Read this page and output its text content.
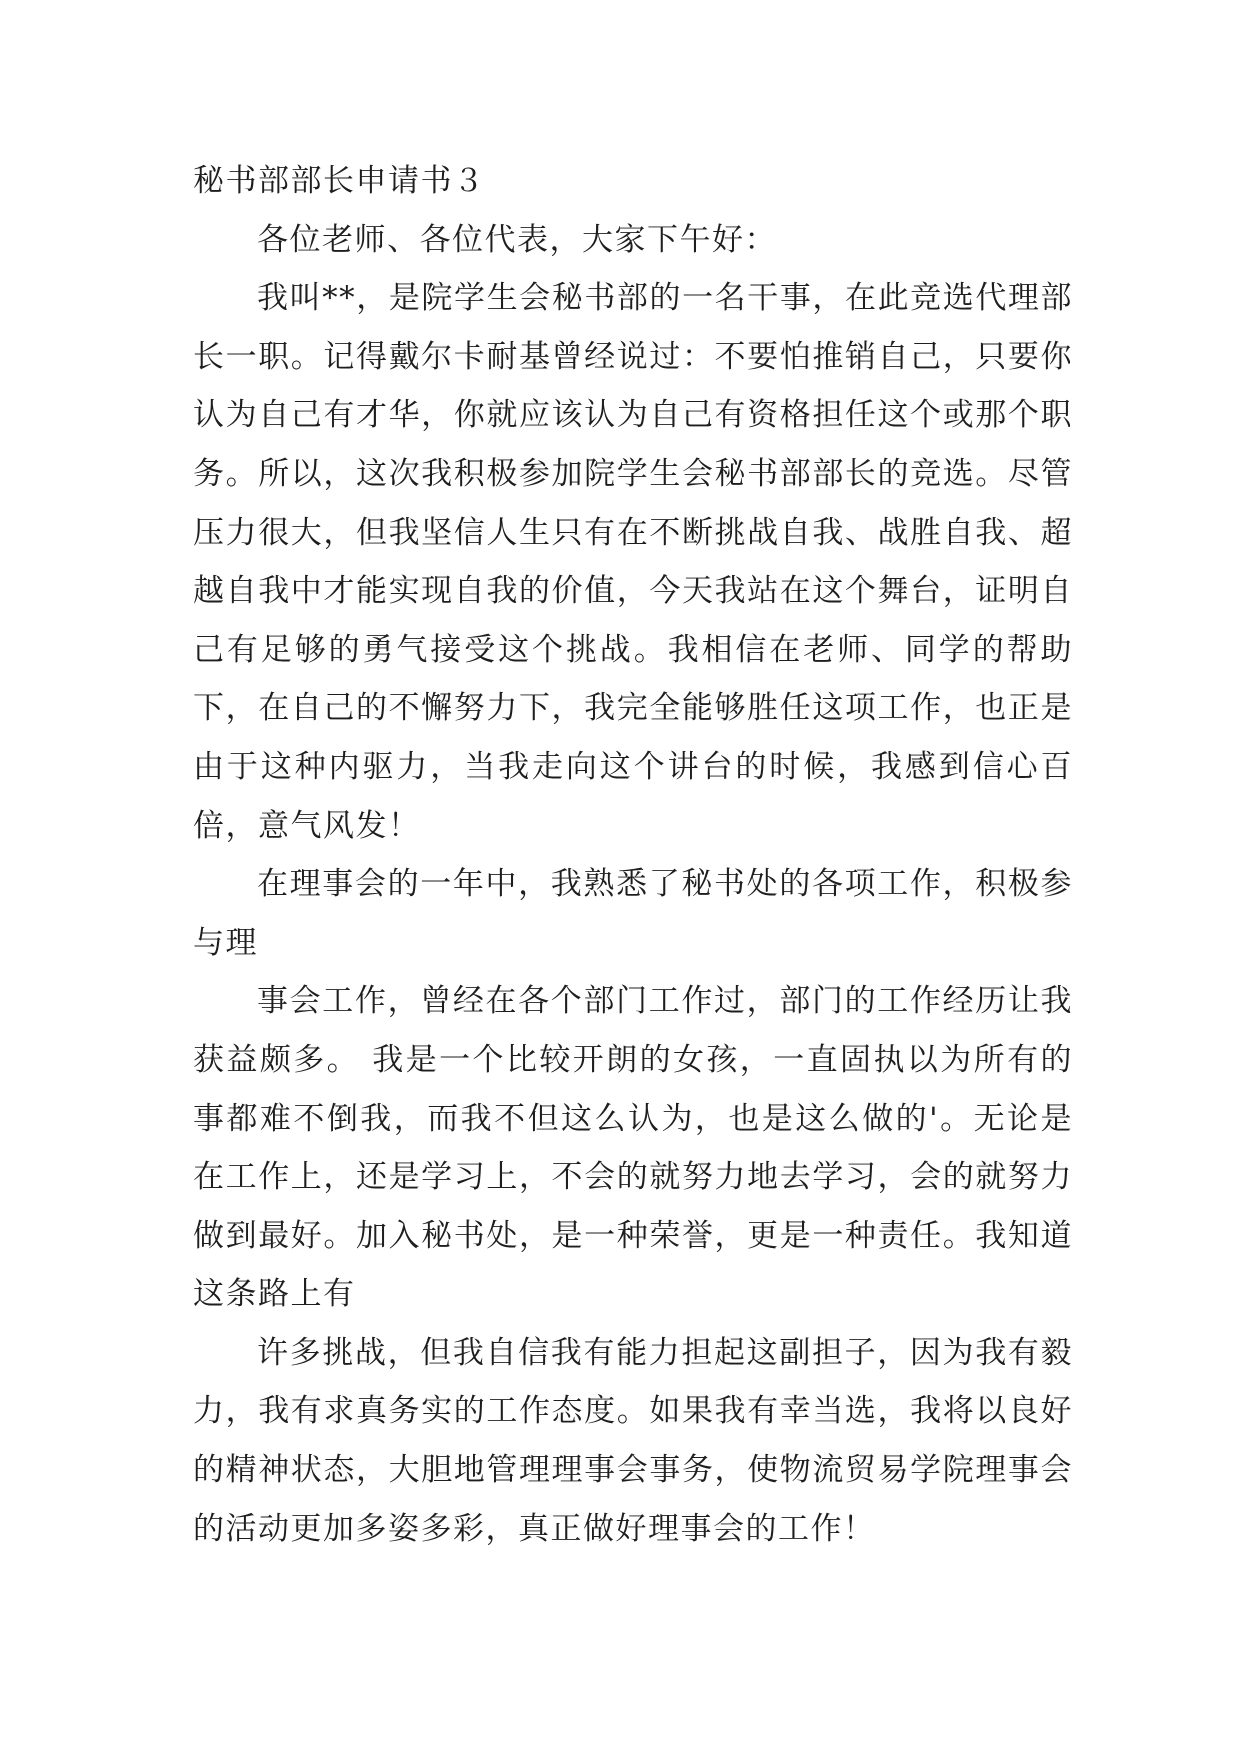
秘书部部长申请书３

各位老师、各位代表，大家下午好：

我叫**，是院学生会秘书部的一名干事，在此竞选代理部长一职。记得戴尔卡耐基曾经说过：不要怕推销自己，只要你认为自己有才华，你就应该认为自己有资格担任这个或那个职务。所以，这次我积极参加院学生会秘书部部长的竞选。尽管压力很大，但我坚信人生只有在不断挑战自我、战胜自我、超越自我中才能实现自我的价值，今天我站在这个舞台，证明自己有足够的勇气接受这个挑战。我相信在老师、同学的帮助下，在自己的不懈努力下，我完全能够胜任这项工作，也正是由于这种内驱力，当我走向这个讲台的时候，我感到信心百倍，意气风发！

在理事会的一年中，我熟悉了秘书处的各项工作，积极参与理

事会工作，曾经在各个部门工作过，部门的工作经历让我获益颇多。 我是一个比较开朗的女孩，一直固执以为所有的事都难不倒我，而我不但这么认为，也是这么做的'。无论是在工作上，还是学习上，不会的就努力地去学习，会的就努力做到最好。加入秘书处，是一种荣誉，更是一种责任。我知道这条路上有

许多挑战，但我自信我有能力担起这副担子，因为我有毅力，我有求真务实的工作态度。如果我有幸当选，我将以良好的精神状态，大胆地管理理事会事务，使物流贸易学院理事会的活动更加多姿多彩，真正做好理事会的工作！
